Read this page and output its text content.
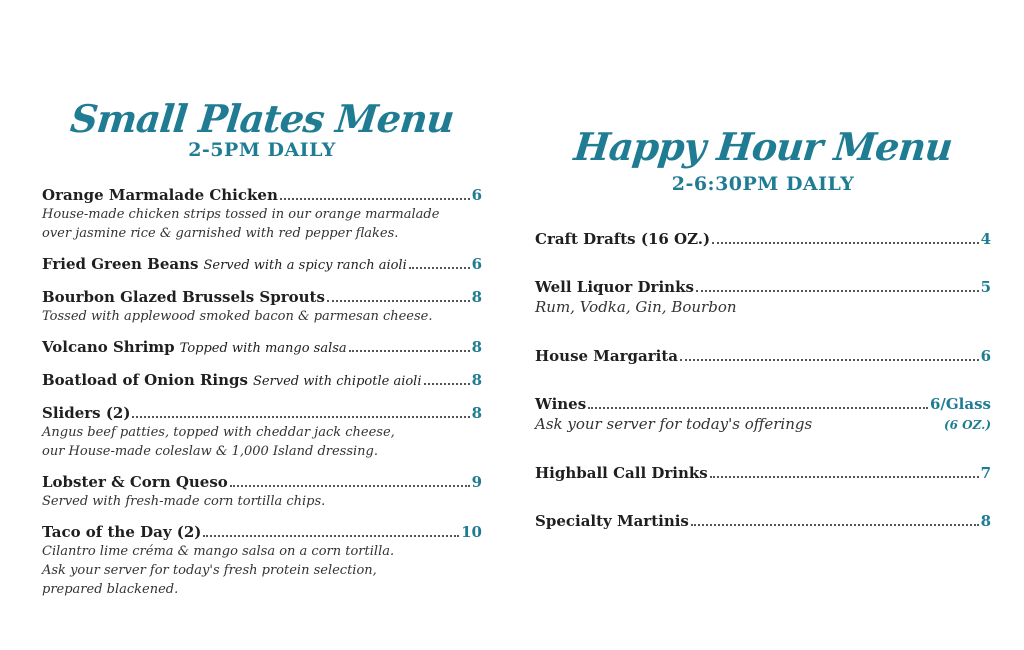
Small Plates Menu
2-5PM DAILY
Orange Marmalade Chicken	6
House-made chicken strips tossed in our orange marmalade
over jasmine rice & garnished with red pepper flakes.
Fried Green Beans Served with a spicy ranch aioli	6
Bourbon Glazed Brussels Sprouts	8
Tossed with applewood smoked bacon & parmesan cheese.
Volcano Shrimp Topped with mango salsa	8
Boatload of Onion Rings Served with chipotle aioli	8
Sliders (2)	8
Angus beef patties, topped with cheddar jack cheese,
our House-made coleslaw & 1,000 Island dressing.
Lobster & Corn Queso	9
Served with fresh-made corn tortilla chips.
Taco of the Day (2)	10
Cilantro lime créma & mango salsa on a corn tortilla.
Ask your server for today's fresh protein selection,
prepared blackened.
Happy Hour Menu
2-6:30PM DAILY
Craft Drafts (16 OZ.)	4
Well Liquor Drinks	5
Rum, Vodka, Gin, Bourbon
House Margarita	6
Wines	6/Glass
Ask your server for today's offerings	(6 OZ.)
Highball Call Drinks	7
Specialty Martinis	8
